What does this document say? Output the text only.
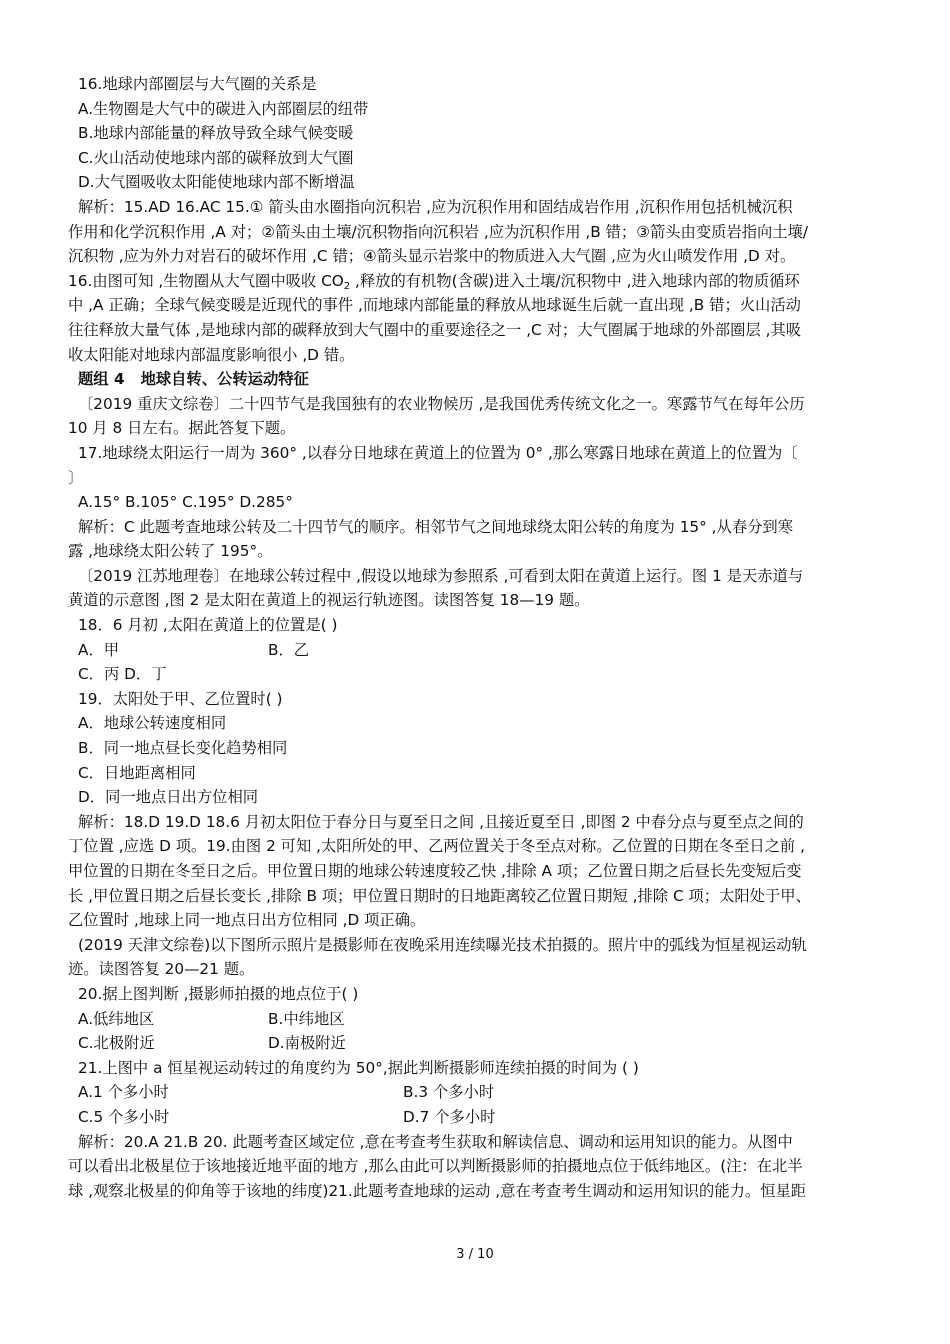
16.地球内部圈层与大气圈的关系是
A.生物圈是大气中的碳进入内部圈层的纽带
B.地球内部能量的释放导致全球气候变暖
C.火山活动使地球内部的碳释放到大气圈
D.大气圈吸收太阳能使地球内部不断增温
解析：15.AD 16.AC 15.① 箭头由水圈指向沉积岩 ,应为沉积作用和固结成岩作用 ,沉积作用包括机械沉积
作用和化学沉积作用 ,A 对；②箭头由土壤/沉积物指向沉积岩 ,应为沉积作用 ,B 错；③箭头由变质岩指向土壤/
沉积物 ,应为外力对岩石的破坏作用 ,C 错；④箭头显示岩浆中的物质进入大气圈 ,应为火山喷发作用 ,D 对。
16.由图可知 ,生物圈从大气圈中吸收 $CO_2$ ,释放的有机物(含碳)进入土壤/沉积物中 ,进入地球内部的物质循环
中 ,A 正确；全球气候变暖是近现代的事件 ,而地球内部能量的释放从地球诞生后就一直出现 ,B 错；火山活动
往往释放大量气体 ,是地球内部的碳释放到大气圈中的重要途径之一 ,C 对；大气圈属于地球的外部圈层 ,其吸
收太阳能对地球内部温度影响很小 ,D 错。
题组 4 地球自转、公转运动特征
〔2019 重庆文综卷〕二十四节气是我国独有的农业物候历 ,是我国优秀传统文化之一。寒露节气在每年公历
10 月 8 日左右。据此答复下题。
17.地球绕太阳运行一周为 360° ,以春分日地球在黄道上的位置为 0° ,那么寒露日地球在黄道上的位置为〔
〕
A.15° B.105° C.195° D.285°
解析：C 此题考查地球公转及二十四节气的顺序。相邻节气之间地球绕太阳公转的角度为 15° ,从春分到寒
露 ,地球绕太阳公转了 195°。
〔2019 江苏地理卷〕在地球公转过程中 ,假设以地球为参照系 ,可看到太阳在黄道上运行。图 1 是天赤道与
黄道的示意图 ,图 2 是太阳在黄道上的视运行轨迹图。读图答复 18—19 题。
18．6 月初 ,太阳在黄道上的位置是( )
A．甲	B．乙
C．丙 D．丁
19．太阳处于甲、乙位置时( )
A．地球公转速度相同
B．同一地点昼长变化趋势相同
C．日地距离相同
D．同一地点日出方位相同
解析：18.D 19.D 18.6 月初太阳位于春分日与夏至日之间 ,且接近夏至日 ,即图 2 中春分点与夏至点之间的
丁位置 ,应选 D 项。19.由图 2 可知 ,太阳所处的甲、乙两位置关于冬至点对称。乙位置的日期在冬至日之前 ,
甲位置的日期在冬至日之后。甲位置日期的地球公转速度较乙快 ,排除 A 项；乙位置日期之后昼长先变短后变
长 ,甲位置日期之后昼长变长 ,排除 B 项；甲位置日期时的日地距离较乙位置日期短 ,排除 C 项；太阳处于甲、
乙位置时 ,地球上同一地点日出方位相同 ,D 项正确。
(2019 天津文综卷)以下图所示照片是摄影师在夜晚采用连续曝光技术拍摄的。照片中的弧线为恒星视运动轨
迹。读图答复 20—21 题。
20.据上图判断 ,摄影师拍摄的地点位于( )
A.低纬地区	B.中纬地区
C.北极附近	D.南极附近
21.上图中 a 恒星视运动转过的角度约为 50°,据此判断摄影师连续拍摄的时间为 ( )
A.1 个多小时	B.3 个多小时
C.5 个多小时	D.7 个多小时
解析：20.A 21.B 20. 此题考查区域定位 ,意在考查考生获取和解读信息、调动和运用知识的能力。从图中
可以看出北极星位于该地接近地平面的地方 ,那么由此可以判断摄影师的拍摄地点位于低纬地区。(注：在北半
球 ,观察北极星的仰角等于该地的纬度)21.此题考查地球的运动 ,意在考查考生调动和运用知识的能力。恒星距
3 / 10
